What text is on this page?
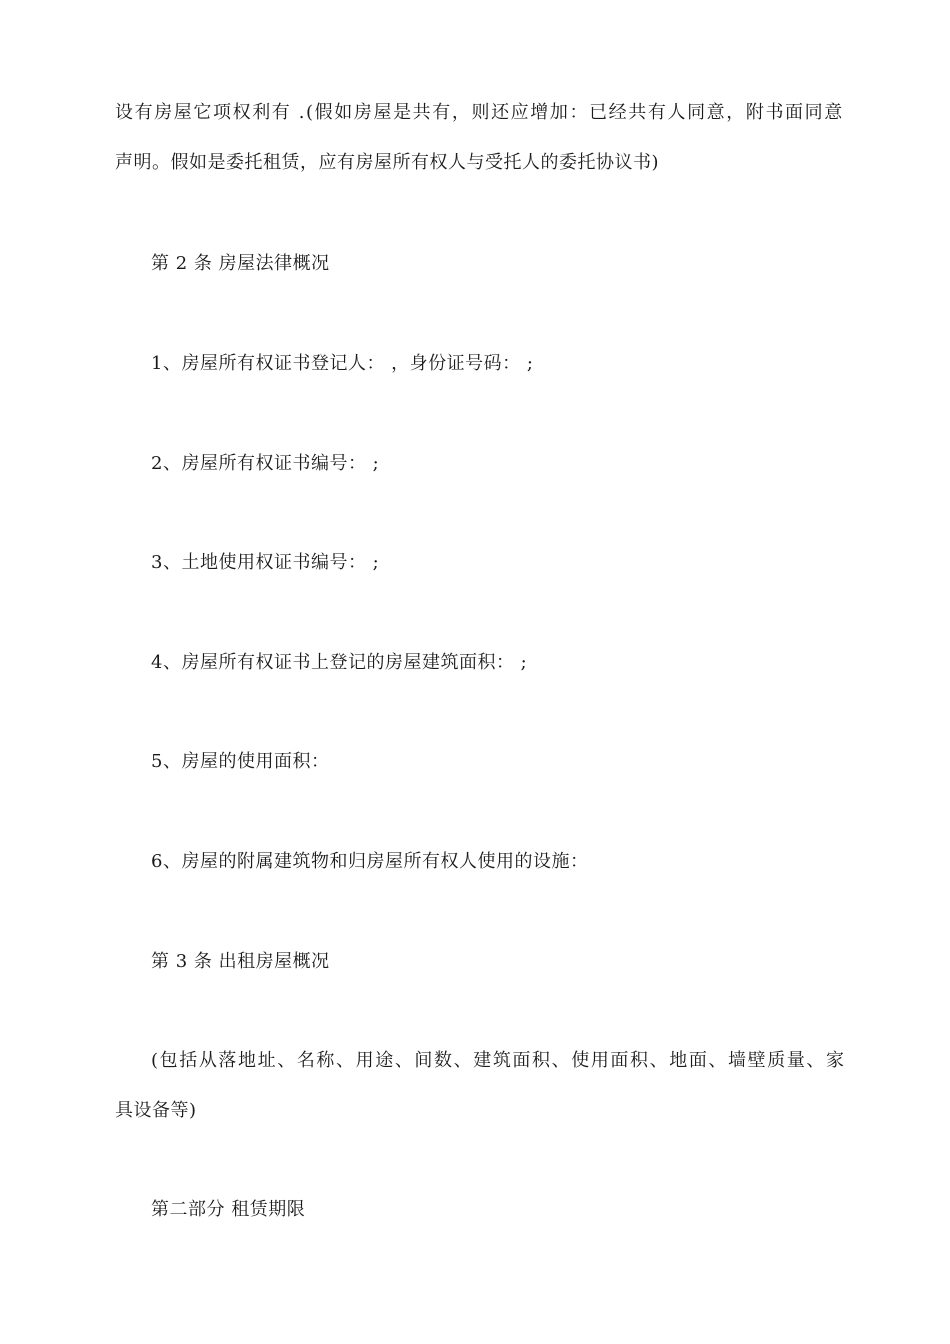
设有房屋它项权利有 .(假如房屋是共有，则还应增加：已经共有人同意，附书面同意
声明。假如是委托租赁，应有房屋所有权人与受托人的委托协议书)
第 2 条 房屋法律概况
1、房屋所有权证书登记人： ，身份证号码： ;
2、房屋所有权证书编号： ;
3、土地使用权证书编号： ;
4、房屋所有权证书上登记的房屋建筑面积： ;
5、房屋的使用面积：
6、房屋的附属建筑物和归房屋所有权人使用的设施：
第 3 条 出租房屋概况
(包括从落地址、名称、用途、间数、建筑面积、使用面积、地面、墙壁质量、家
具设备等)
第二部分 租赁期限
